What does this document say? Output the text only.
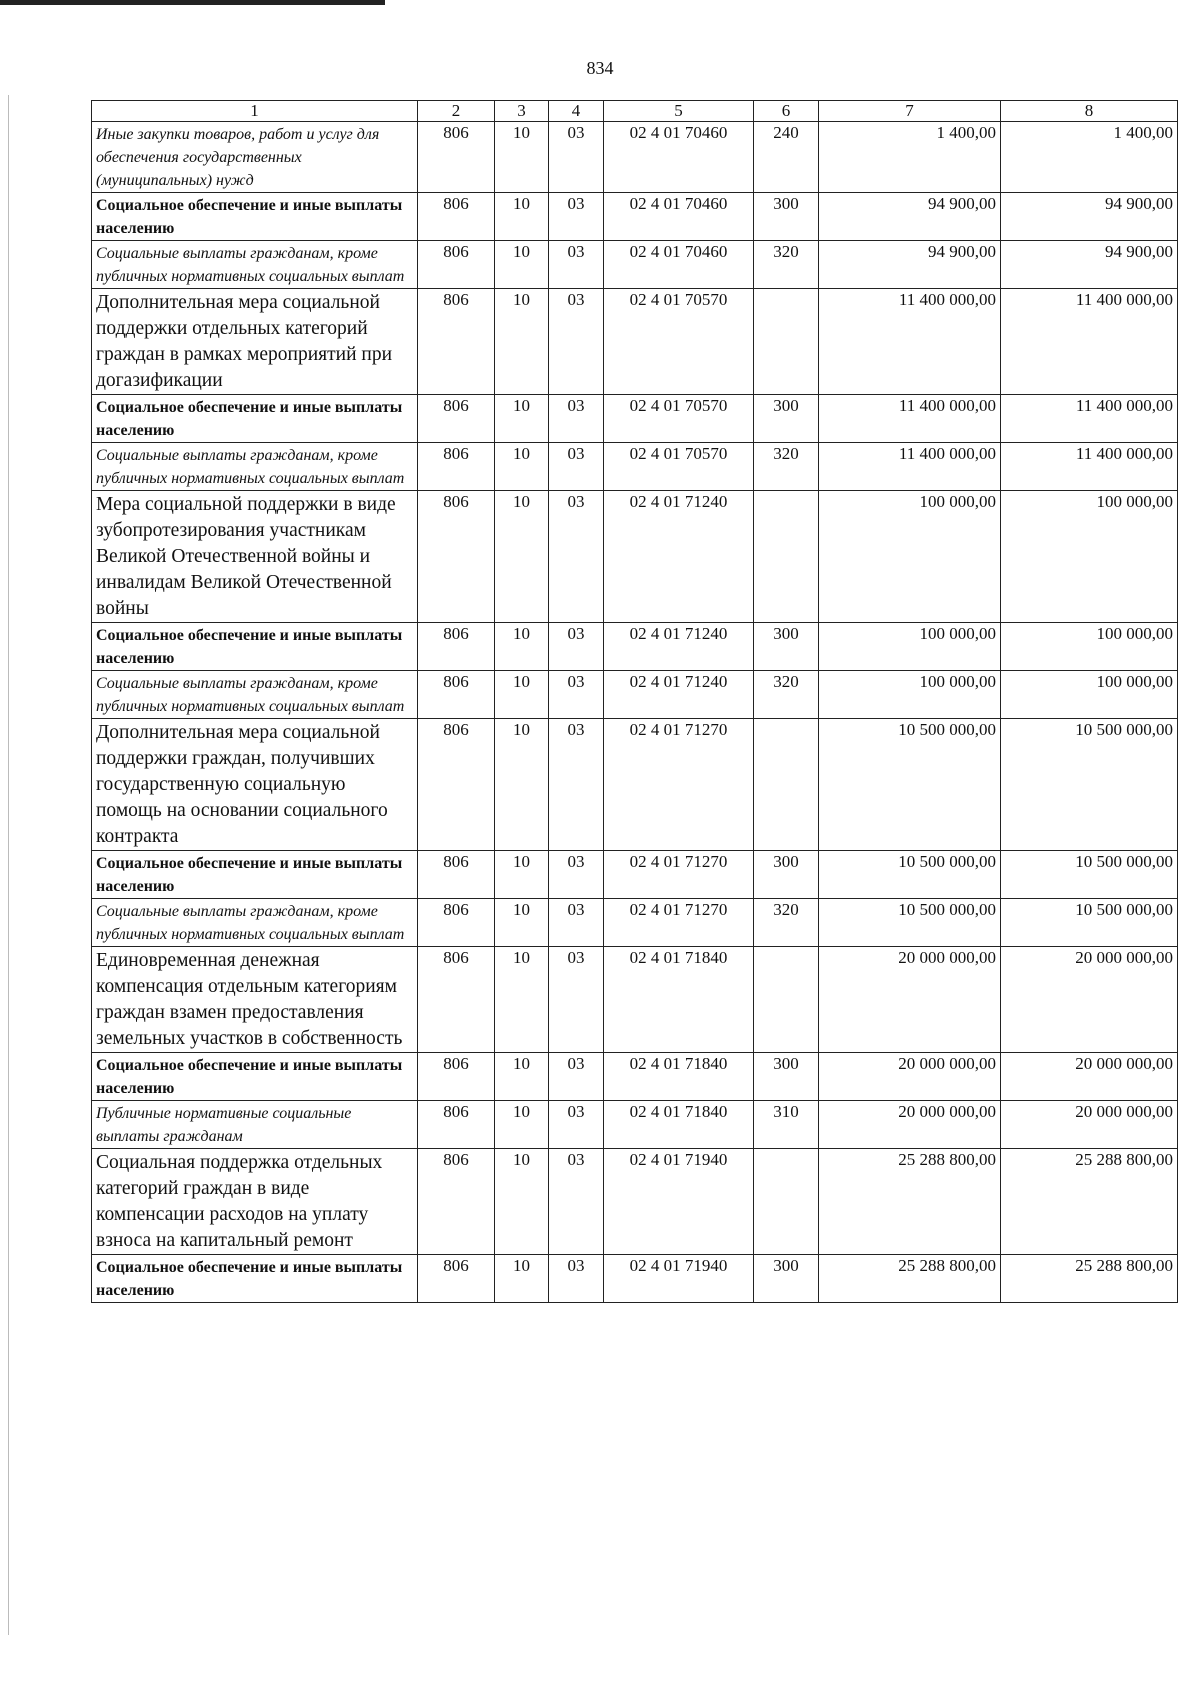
834
1	2	3	4	5	6	7	8
Иные закупки товаров, работ и услуг для обеспечения государственных (муниципальных) нужд	806	10	03	02 4 01 70460	240	1 400,00	1 400,00
Социальное обеспечение и иные выплаты населению	806	10	03	02 4 01 70460	300	94 900,00	94 900,00
Социальные выплаты гражданам, кроме публичных нормативных социальных выплат	806	10	03	02 4 01 70460	320	94 900,00	94 900,00
Дополнительная мера социальной поддержки отдельных категорий граждан в рамках мероприятий при догазификации	806	10	03	02 4 01 70570		11 400 000,00	11 400 000,00
Социальное обеспечение и иные выплаты населению	806	10	03	02 4 01 70570	300	11 400 000,00	11 400 000,00
Социальные выплаты гражданам, кроме публичных нормативных социальных выплат	806	10	03	02 4 01 70570	320	11 400 000,00	11 400 000,00
Мера социальной поддержки в виде зубопротезирования участникам Великой Отечественной войны и инвалидам Великой Отечественной войны	806	10	03	02 4 01 71240		100 000,00	100 000,00
Социальное обеспечение и иные выплаты населению	806	10	03	02 4 01 71240	300	100 000,00	100 000,00
Социальные выплаты гражданам, кроме публичных нормативных социальных выплат	806	10	03	02 4 01 71240	320	100 000,00	100 000,00
Дополнительная мера социальной поддержки граждан, получивших государственную социальную помощь на основании социального контракта	806	10	03	02 4 01 71270		10 500 000,00	10 500 000,00
Социальное обеспечение и иные выплаты населению	806	10	03	02 4 01 71270	300	10 500 000,00	10 500 000,00
Социальные выплаты гражданам, кроме публичных нормативных социальных выплат	806	10	03	02 4 01 71270	320	10 500 000,00	10 500 000,00
Единовременная денежная компенсация отдельным категориям граждан взамен предоставления земельных участков в собственность	806	10	03	02 4 01 71840		20 000 000,00	20 000 000,00
Социальное обеспечение и иные выплаты населению	806	10	03	02 4 01 71840	300	20 000 000,00	20 000 000,00
Публичные нормативные социальные выплаты гражданам	806	10	03	02 4 01 71840	310	20 000 000,00	20 000 000,00
Социальная поддержка отдельных категорий граждан в виде компенсации расходов на уплату взноса на капитальный ремонт	806	10	03	02 4 01 71940		25 288 800,00	25 288 800,00
Социальное обеспечение и иные выплаты населению	806	10	03	02 4 01 71940	300	25 288 800,00	25 288 800,00
